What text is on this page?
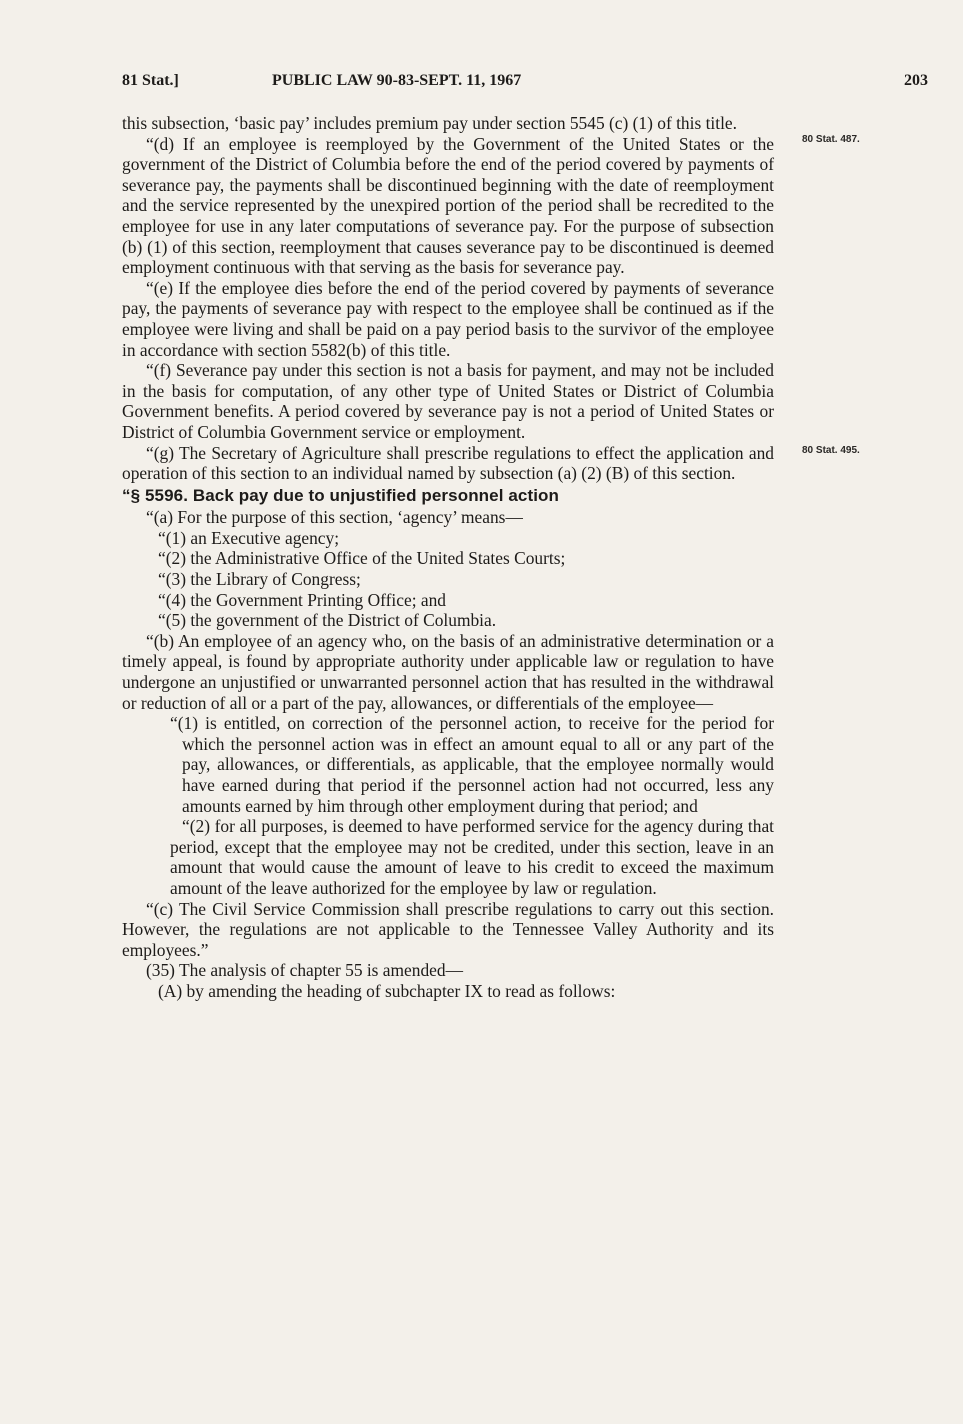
81 Stat.]	PUBLIC LAW 90-83-SEPT. 11, 1967	203
80 Stat. 487.
80 Stat. 495.

this subsection, ‘basic pay’ includes premium pay under section 5545 (c) (1) of this title.

“(d) If an employee is reemployed by the Government of the United States or the government of the District of Columbia before the end of the period covered by payments of severance pay, the payments shall be discontinued beginning with the date of reemployment and the service represented by the unexpired portion of the period shall be recredited to the employee for use in any later computations of severance pay. For the purpose of subsection (b) (1) of this section, reemployment that causes severance pay to be discontinued is deemed employment continuous with that serving as the basis for severance pay.

“(e) If the employee dies before the end of the period covered by payments of severance pay, the payments of severance pay with respect to the employee shall be continued as if the employee were living and shall be paid on a pay period basis to the survivor of the employee in accordance with section 5582(b) of this title.

“(f) Severance pay under this section is not a basis for payment, and may not be included in the basis for computation, of any other type of United States or District of Columbia Government benefits. A period covered by severance pay is not a period of United States or District of Columbia Government service or employment.

“(g) The Secretary of Agriculture shall prescribe regulations to effect the application and operation of this section to an individual named by subsection (a) (2) (B) of this section.

“§ 5596. Back pay due to unjustified personnel action

“(a) For the purpose of this section, ‘agency’ means—

“(1) an Executive agency;

“(2) the Administrative Office of the United States Courts;

“(3) the Library of Congress;

“(4) the Government Printing Office; and

“(5) the government of the District of Columbia.

“(b) An employee of an agency who, on the basis of an administrative determination or a timely appeal, is found by appropriate authority under applicable law or regulation to have undergone an unjustified or unwarranted personnel action that has resulted in the withdrawal or reduction of all or a part of the pay, allowances, or differentials of the employee—

“(1) is entitled, on correction of the personnel action, to receive for the period for which the personnel action was in effect an amount equal to all or any part of the pay, allowances, or differentials, as applicable, that the employee normally would have earned during that period if the personnel action had not occurred, less any amounts earned by him through other employment during that period; and

“(2) for all purposes, is deemed to have performed service for the agency during that period, except that the employee may not be credited, under this section, leave in an amount that would cause the amount of leave to his credit to exceed the maximum amount of the leave authorized for the employee by law or regulation.

“(c) The Civil Service Commission shall prescribe regulations to carry out this section. However, the regulations are not applicable to the Tennessee Valley Authority and its employees.”

(35) The analysis of chapter 55 is amended—

(A) by amending the heading of subchapter IX to read as follows:
